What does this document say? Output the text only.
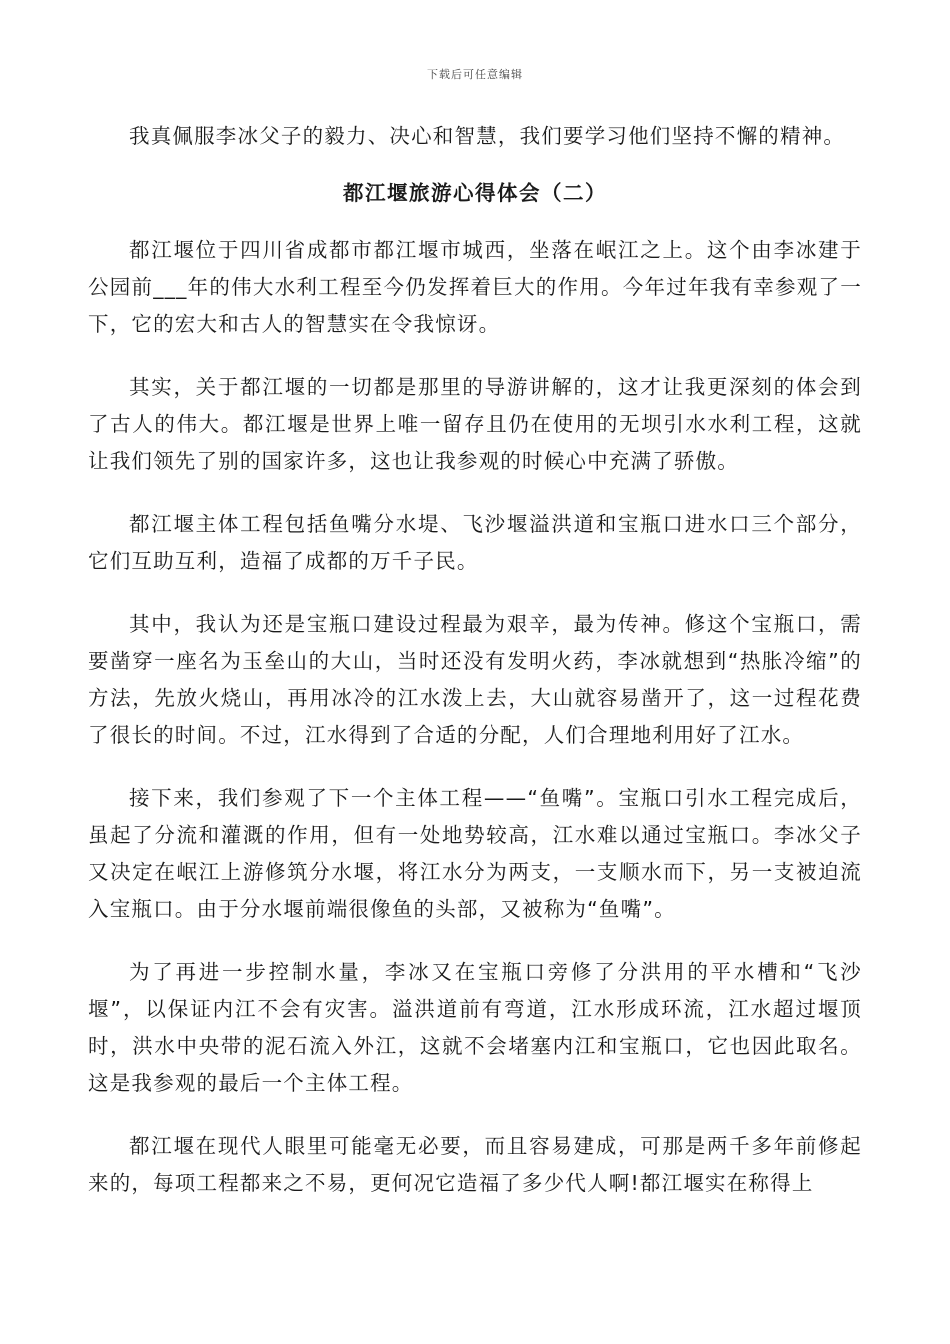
下载后可任意编辑

我真佩服李冰父子的毅力、决心和智慧，我们要学习他们坚持不懈的精神。

都江堰旅游心得体会（二）

都江堰位于四川省成都市都江堰市城西，坐落在岷江之上。这个由李冰建于公园前___年的伟大水利工程至今仍发挥着巨大的作用。今年过年我有幸参观了一下，它的宏大和古人的智慧实在令我惊讶。

其实，关于都江堰的一切都是那里的导游讲解的，这才让我更深刻的体会到了古人的伟大。都江堰是世界上唯一留存且仍在使用的无坝引水水利工程，这就让我们领先了别的国家许多，这也让我参观的时候心中充满了骄傲。

都江堰主体工程包括鱼嘴分水堤、飞沙堰溢洪道和宝瓶口进水口三个部分，它们互助互利，造福了成都的万千子民。

其中，我认为还是宝瓶口建设过程最为艰辛，最为传神。修这个宝瓶口，需要凿穿一座名为玉垒山的大山，当时还没有发明火药，李冰就想到“热胀冷缩”的方法，先放火烧山，再用冰冷的江水泼上去，大山就容易凿开了，这一过程花费了很长的时间。不过，江水得到了合适的分配，人们合理地利用好了江水。

接下来，我们参观了下一个主体工程——“鱼嘴”。宝瓶口引水工程完成后，虽起了分流和灌溉的作用，但有一处地势较高，江水难以通过宝瓶口。李冰父子又决定在岷江上游修筑分水堰，将江水分为两支，一支顺水而下，另一支被迫流入宝瓶口。由于分水堰前端很像鱼的头部，又被称为“鱼嘴”。

为了再进一步控制水量，李冰又在宝瓶口旁修了分洪用的平水槽和“飞沙堰”，以保证内江不会有灾害。溢洪道前有弯道，江水形成环流，江水超过堰顶时，洪水中央带的泥石流入外江，这就不会堵塞内江和宝瓶口，它也因此取名。这是我参观的最后一个主体工程。

都江堰在现代人眼里可能毫无必要，而且容易建成，可那是两千多年前修起来的，每项工程都来之不易，更何况它造福了多少代人啊!都江堰实在称得上
